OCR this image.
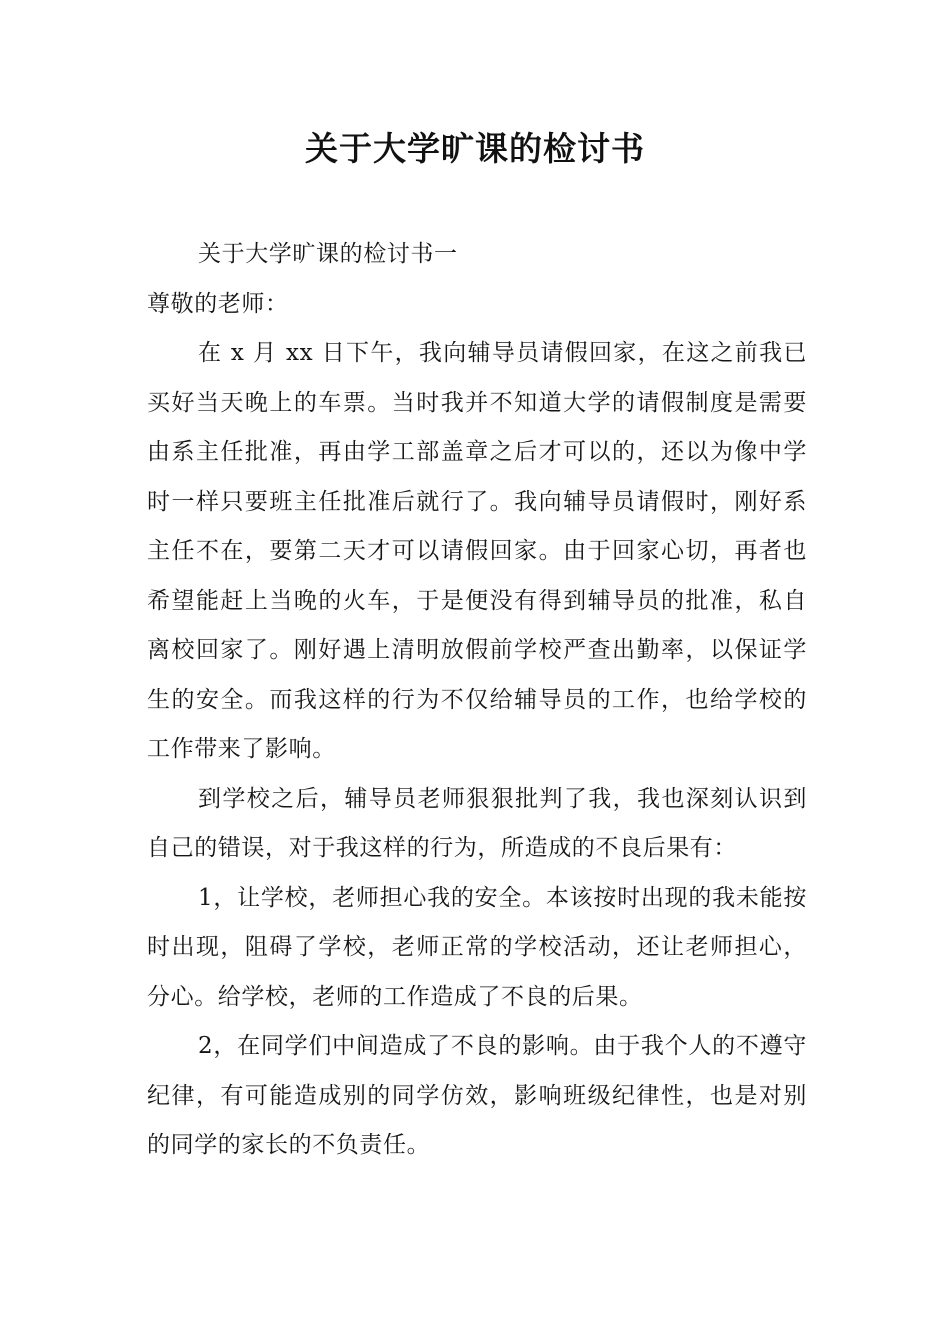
关于大学旷课的检讨书

关于大学旷课的检讨书一

尊敬的老师：

在 x 月 xx 日下午，我向辅导员请假回家，在这之前我已买好当天晚上的车票。当时我并不知道大学的请假制度是需要由系主任批准，再由学工部盖章之后才可以的，还以为像中学时一样只要班主任批准后就行了。我向辅导员请假时，刚好系主任不在，要第二天才可以请假回家。由于回家心切，再者也希望能赶上当晚的火车，于是便没有得到辅导员的批准，私自离校回家了。刚好遇上清明放假前学校严查出勤率，以保证学生的安全。而我这样的行为不仅给辅导员的工作，也给学校的工作带来了影响。

到学校之后，辅导员老师狠狠批判了我，我也深刻认识到自己的错误，对于我这样的行为，所造成的不良后果有：

1，让学校，老师担心我的安全。本该按时出现的我未能按时出现，阻碍了学校，老师正常的学校活动，还让老师担心，分心。给学校，老师的工作造成了不良的后果。

2，在同学们中间造成了不良的影响。由于我个人的不遵守纪律，有可能造成别的同学仿效，影响班级纪律性，也是对别的同学的家长的不负责任。
